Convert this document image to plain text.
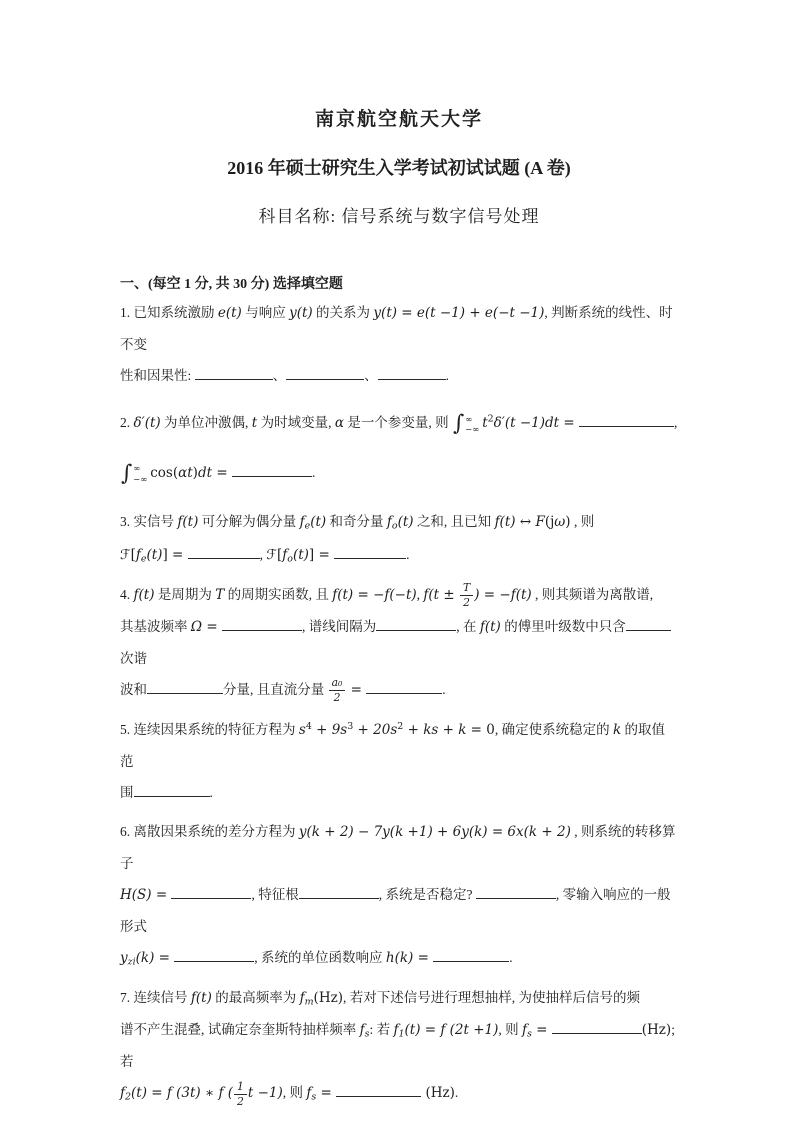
南京航空航天大学
2016 年硕士研究生入学考试初试试题 (A 卷)
科目名称: 信号系统与数字信号处理
一、(每空 1 分, 共 30 分) 选择填空题
1. 已知系统激励 e(t) 与响应 y(t) 的关系为 y(t) = e(t −1) + e(−t −1), 判断系统的线性、时不变
性和因果性:	、	、	.
2. δ′(t) 为单位冲激偶, t 为时域变量, α 是一个参变量, 则 ∫ ∞
−∞ $t^2\delta'(t -1)dt$ =	,
∫ ∞
−∞ cos(αt)dt =	.
3. 实信号 f(t) 可分解为偶分量 fe(t) 和奇分量 fo(t) 之和, 且已知 f(t) ↔ F(jω) , 则
ℱ[fe(t)] =	, ℱ[fo(t)] =	.
4. f(t) 是周期为 T 的周期实函数, 且 f(t) = −f(−t), $f(t \pm \frac{T}{2}$ ) = −f(t) , 则其频谱为离散谱,
其基波频率 Ω =	, 谱线间隔为	, 在 f(t) 的傅里叶级数中只含次谐
波和	分量, 且直流分量 $\frac{\text{a₀}}{2}$ =	.
5. 连续因果系统的特征方程为 $s^4 + 9s^3 + 20s^2$ + ks + k = 0, 确定使系统稳定的 k 的取值范
围	.
6. 离散因果系统的差分方程为 y(k + 2) − 7y(k +1) + 6y(k) = 6x(k + 2) , 则系统的转移算子
H(S) =	, 特征根	, 系统是否稳定?	, 零输入响应的一般形式
yzi(k) =	, 系统的单位函数响应 h(k) =	.
7. 连续信号 f(t) 的最高频率为 fm(Hz), 若对下述信号进行理想抽样, 为使抽样后信号的频
谱不产生混叠, 试确定奈奎斯特抽样频率 fs: 若 f1(t) = f (2t +1), 则 fs =	(Hz); 若
f2(t) = f (3t) ∗ f ( $\frac{1}{2}$ t −1), 则 fs =	(Hz).
